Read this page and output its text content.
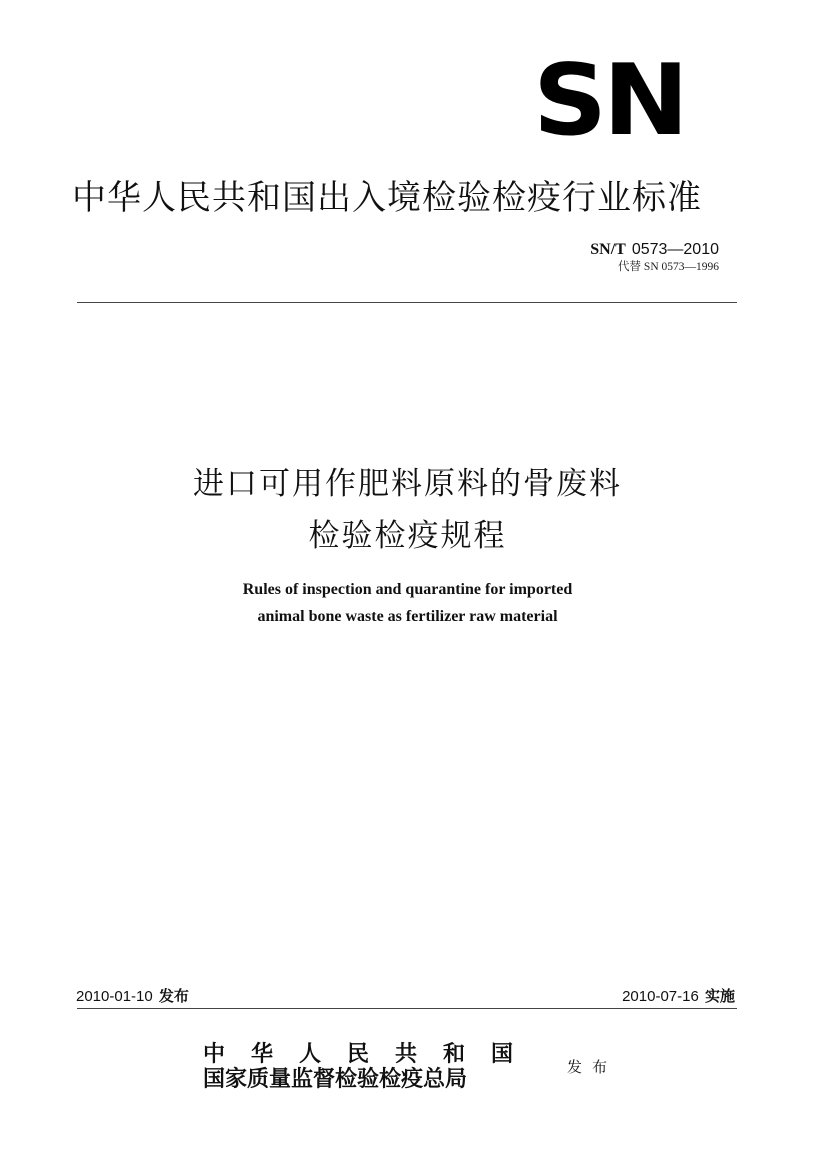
SN
中华人民共和国出入境检验检疫行业标准
SN/T 0573—2010
代替 SN 0573—1996
进口可用作肥料原料的骨废料
检验检疫规程
Rules of inspection and quarantine for imported
animal bone waste as fertilizer raw material
2010-01-10 发布	2010-07-16 实施
中华人民共和国
国家质量监督检验检疫总局	发布
